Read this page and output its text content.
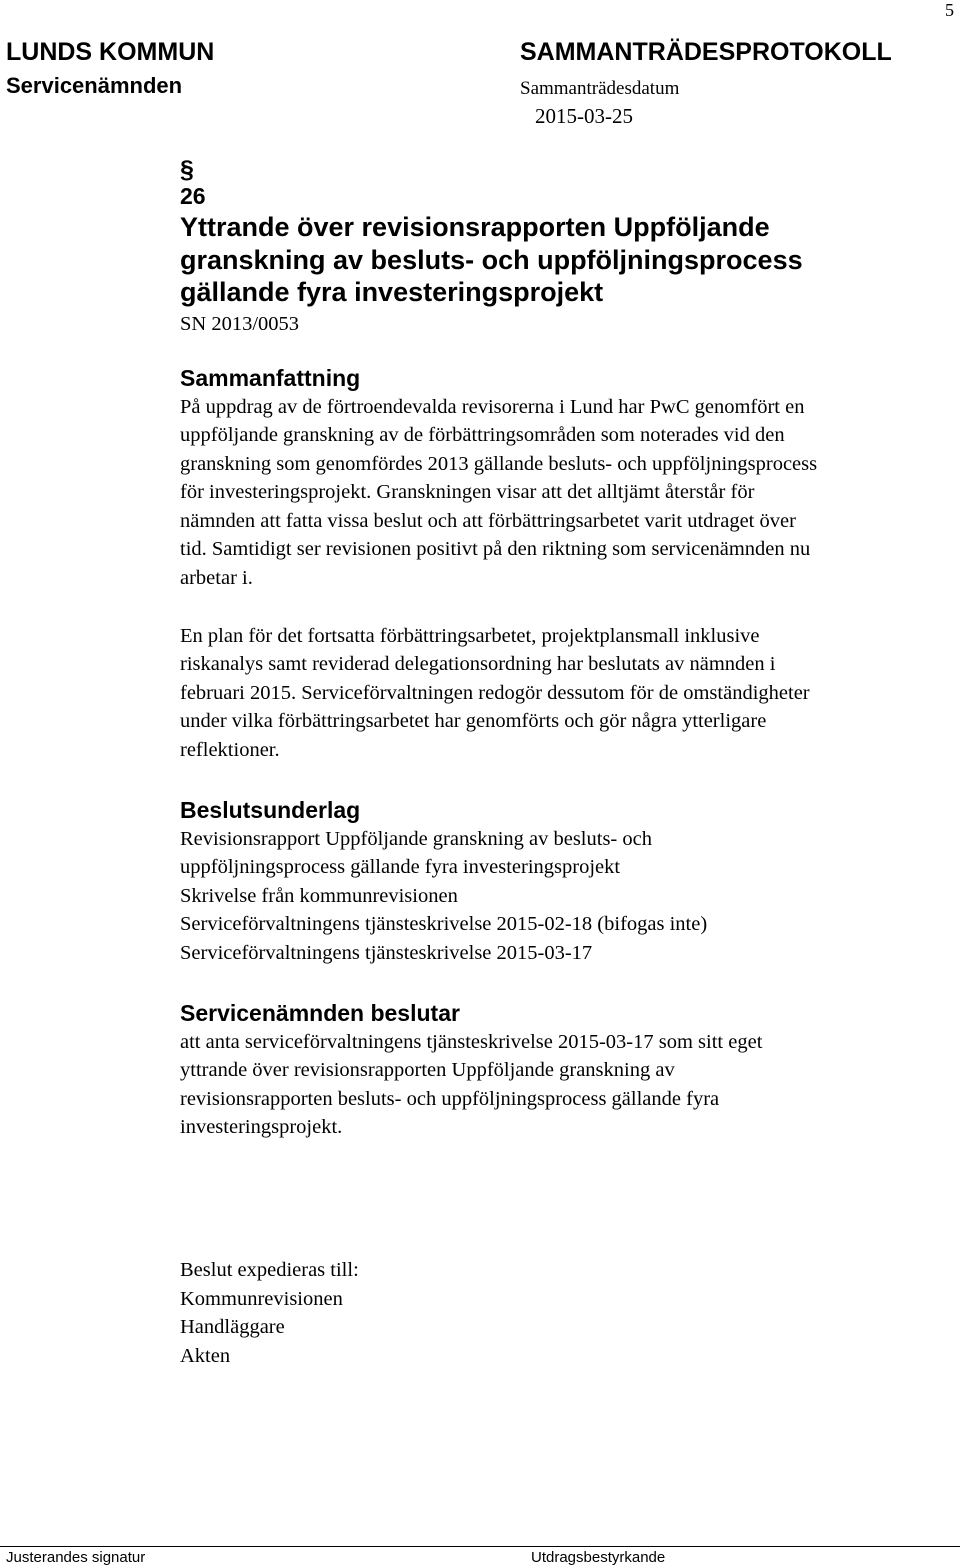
5
LUNDS KOMMUN
Servicenämnden
SAMMANTRÄDESPROTOKOLL
Sammanträdesdatum
2015-03-25
§
26
Yttrande över revisionsrapporten Uppföljande
granskning av besluts- och uppföljningsprocess
gällande fyra investeringsprojekt
SN 2013/0053
Sammanfattning
På uppdrag av de förtroendevalda revisorerna i Lund har PwC genomfört en
uppföljande granskning av de förbättringsområden som noterades vid den
granskning som genomfördes 2013 gällande besluts- och uppföljningsprocess
för investeringsprojekt. Granskningen visar att det alltjämt återstår för
nämnden att fatta vissa beslut och att förbättringsarbetet varit utdraget över
tid. Samtidigt ser revisionen positivt på den riktning som servicenämnden nu
arbetar i.
En plan för det fortsatta förbättringsarbetet, projektplansmall inklusive
riskanalys samt reviderad delegationsordning har beslutats av nämnden i
februari 2015. Serviceförvaltningen redogör dessutom för de omständigheter
under vilka förbättringsarbetet har genomförts och gör några ytterligare
reflektioner.
Beslutsunderlag
Revisionsrapport Uppföljande granskning av besluts- och
uppföljningsprocess gällande fyra investeringsprojekt
Skrivelse från kommunrevisionen
Serviceförvaltningens tjänsteskrivelse 2015-02-18 (bifogas inte)
Serviceförvaltningens tjänsteskrivelse 2015-03-17
Servicenämnden beslutar
att anta serviceförvaltningens tjänsteskrivelse 2015-03-17 som sitt eget
yttrande över revisionsrapporten Uppföljande granskning av
revisionsrapporten besluts- och uppföljningsprocess gällande fyra
investeringsprojekt.
Beslut expedieras till:
Kommunrevisionen
Handläggare
Akten
Justerandes signatur	Utdragsbestyrkande
